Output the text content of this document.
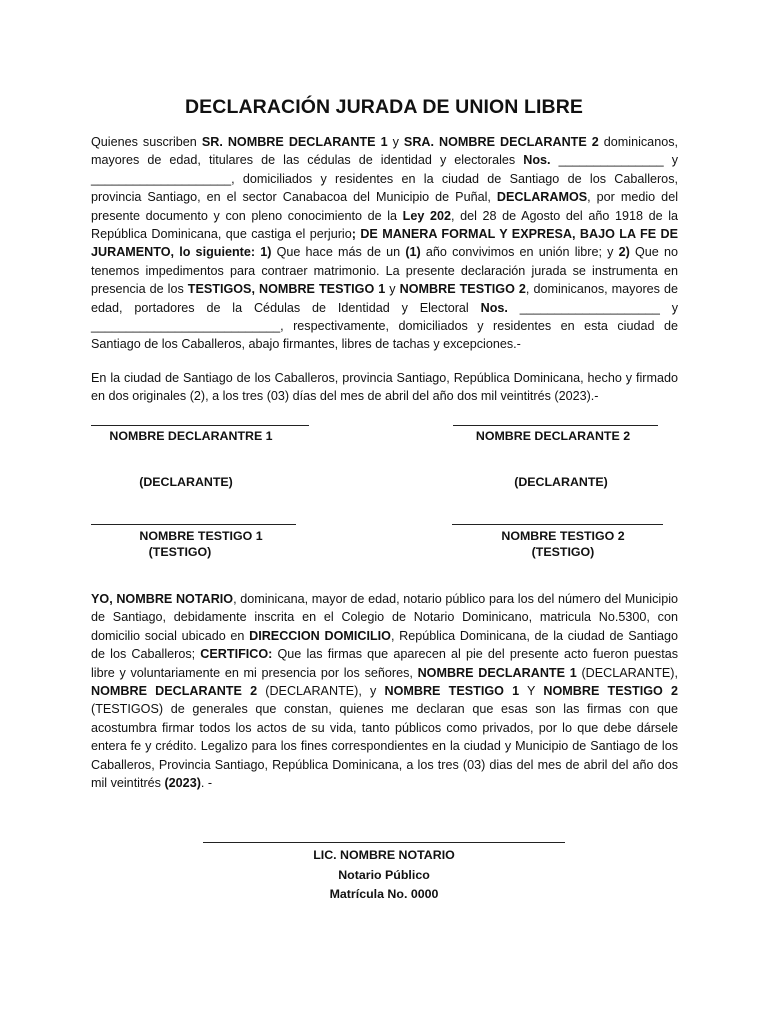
DECLARACIÓN JURADA DE UNION LIBRE

Quienes suscriben SR. NOMBRE DECLARANTE 1 y SRA. NOMBRE DECLARANTE 2 dominicanos, mayores de edad, titulares de las cédulas de identidad y electorales Nos. _______________ y ____________________, domiciliados y residentes en la ciudad de Santiago de los Caballeros, provincia Santiago, en el sector Canabacoa del Municipio de Puñal, DECLARAMOS, por medio del presente documento y con pleno conocimiento de la Ley 202, del 28 de Agosto del año 1918 de la República Dominicana, que castiga el perjurio; DE MANERA FORMAL Y EXPRESA, BAJO LA FE DE JURAMENTO, lo siguiente: 1) Que hace más de un (1) año convivimos en unión libre; y 2) Que no tenemos impedimentos para contraer matrimonio. La presente declaración jurada se instrumenta en presencia de los TESTIGOS, NOMBRE TESTIGO 1 y NOMBRE TESTIGO 2, dominicanos, mayores de edad, portadores de la Cédulas de Identidad y Electoral Nos. ____________________ y ___________________________, respectivamente, domiciliados y residentes en esta ciudad de Santiago de los Caballeros, abajo firmantes, libres de tachas y excepciones.-

En la ciudad de Santiago de los Caballeros, provincia Santiago, República Dominicana, hecho y firmado en dos originales (2), a los tres (03) días del mes de abril del año dos mil veintitrés (2023).-

NOMBRE DECLARANTRE 1
(DECLARANTE)
NOMBRE DECLARANTE 2
(DECLARANTE)
NOMBRE TESTIGO 1
(TESTIGO)
NOMBRE TESTIGO 2
(TESTIGO)

YO, NOMBRE NOTARIO, dominicana, mayor de edad, notario público para los del número del Municipio de Santiago, debidamente inscrita en el Colegio de Notario Dominicano, matricula No.5300, con domicilio social ubicado en DIRECCION DOMICILIO, República Dominicana, de la ciudad de Santiago de los Caballeros; CERTIFICO: Que las firmas que aparecen al pie del presente acto fueron puestas libre y voluntariamente en mi presencia por los señores, NOMBRE DECLARANTE 1 (DECLARANTE), NOMBRE DECLARANTE 2 (DECLARANTE), y NOMBRE TESTIGO 1 Y NOMBRE TESTIGO 2 (TESTIGOS) de generales que constan, quienes me declaran que esas son las firmas con que acostumbra firmar todos los actos de su vida, tanto públicos como privados, por lo que debe dársele entera fe y crédito. Legalizo para los fines correspondientes en la ciudad y Municipio de Santiago de los Caballeros, Provincia Santiago, República Dominicana, a los tres (03) dias del mes de abril del año dos mil veintitrés (2023). -

LIC. NOMBRE NOTARIO
Notario Público
Matrícula No. 0000
